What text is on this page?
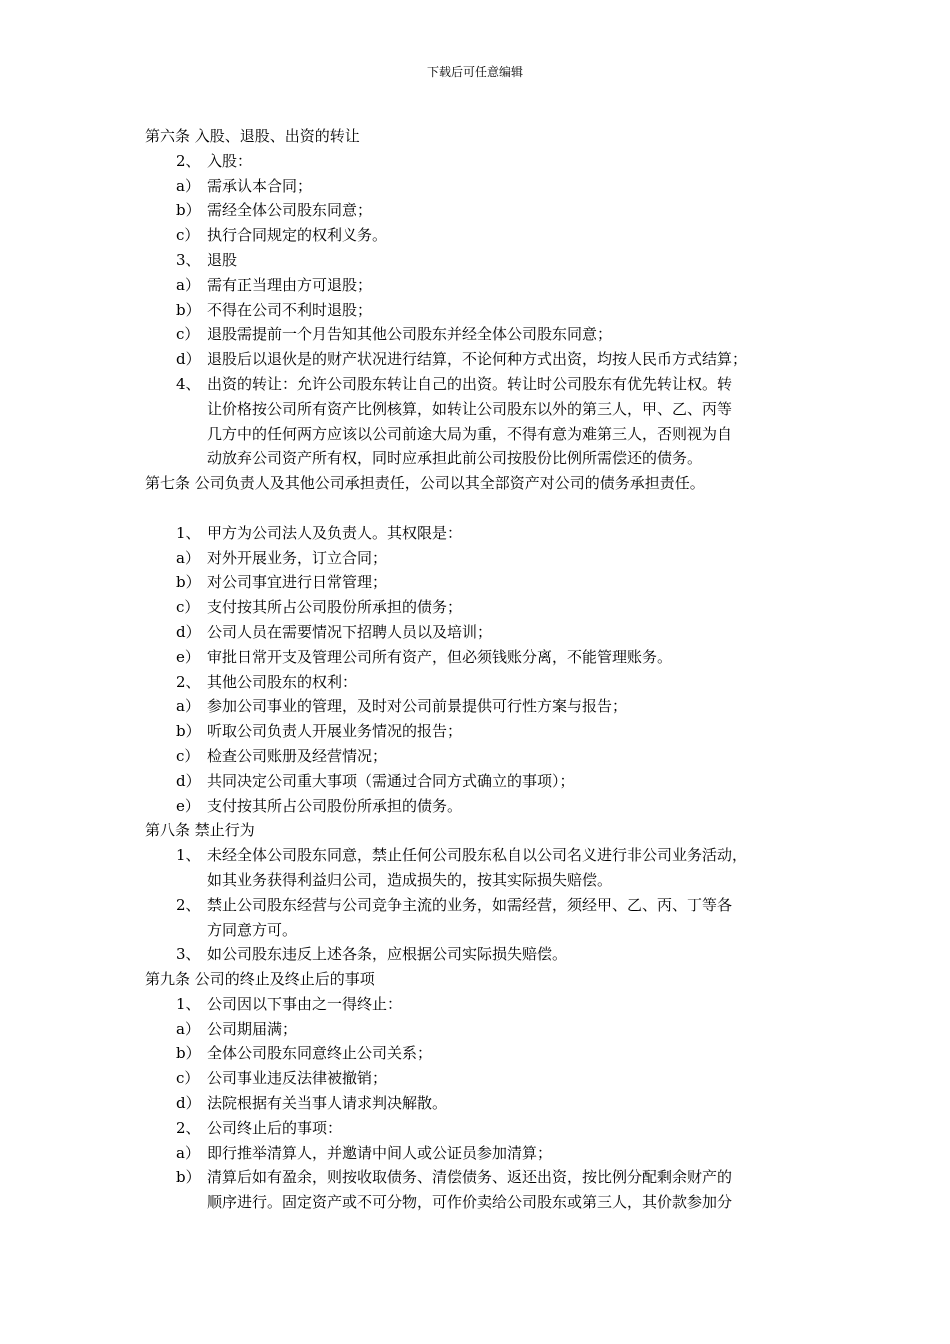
下载后可任意编辑
第六条 入股、退股、出资的转让
2、 入股：
a） 需承认本合同；
b） 需经全体公司股东同意；
c） 执行合同规定的权利义务。
3、 退股
a） 需有正当理由方可退股；
b） 不得在公司不利时退股；
c） 退股需提前一个月告知其他公司股东并经全体公司股东同意；
d） 退股后以退伙是的财产状况进行结算，不论何种方式出资，均按人民币方式结算；
4、 出资的转让：允许公司股东转让自己的出资。转让时公司股东有优先转让权。转
让价格按公司所有资产比例核算，如转让公司股东以外的第三人，甲、乙、丙等
几方中的任何两方应该以公司前途大局为重，不得有意为难第三人，否则视为自
动放弃公司资产所有权，同时应承担此前公司按股份比例所需偿还的债务。
第七条 公司负责人及其他公司承担责任，公司以其全部资产对公司的债务承担责任。
1、 甲方为公司法人及负责人。其权限是：
a） 对外开展业务，订立合同；
b） 对公司事宜进行日常管理；
c） 支付按其所占公司股份所承担的债务；
d） 公司人员在需要情况下招聘人员以及培训；
e） 审批日常开支及管理公司所有资产，但必须钱账分离，不能管理账务。
2、 其他公司股东的权利：
a） 参加公司事业的管理，及时对公司前景提供可行性方案与报告；
b） 听取公司负责人开展业务情况的报告；
c） 检查公司账册及经营情况；
d） 共同决定公司重大事项（需通过合同方式确立的事项）；
e） 支付按其所占公司股份所承担的债务。
第八条 禁止行为
1、 未经全体公司股东同意，禁止任何公司股东私自以公司名义进行非公司业务活动，
如其业务获得利益归公司，造成损失的，按其实际损失赔偿。
2、 禁止公司股东经营与公司竞争主流的业务，如需经营，须经甲、乙、丙、丁等各
方同意方可。
3、 如公司股东违反上述各条，应根据公司实际损失赔偿。
第九条 公司的终止及终止后的事项
1、 公司因以下事由之一得终止：
a） 公司期届满；
b） 全体公司股东同意终止公司关系；
c） 公司事业违反法律被撤销；
d） 法院根据有关当事人请求判决解散。
2、 公司终止后的事项：
a） 即行推举清算人，并邀请中间人或公证员参加清算；
b） 清算后如有盈余，则按收取债务、清偿债务、返还出资，按比例分配剩余财产的
顺序进行。固定资产或不可分物，可作价卖给公司股东或第三人，其价款参加分
